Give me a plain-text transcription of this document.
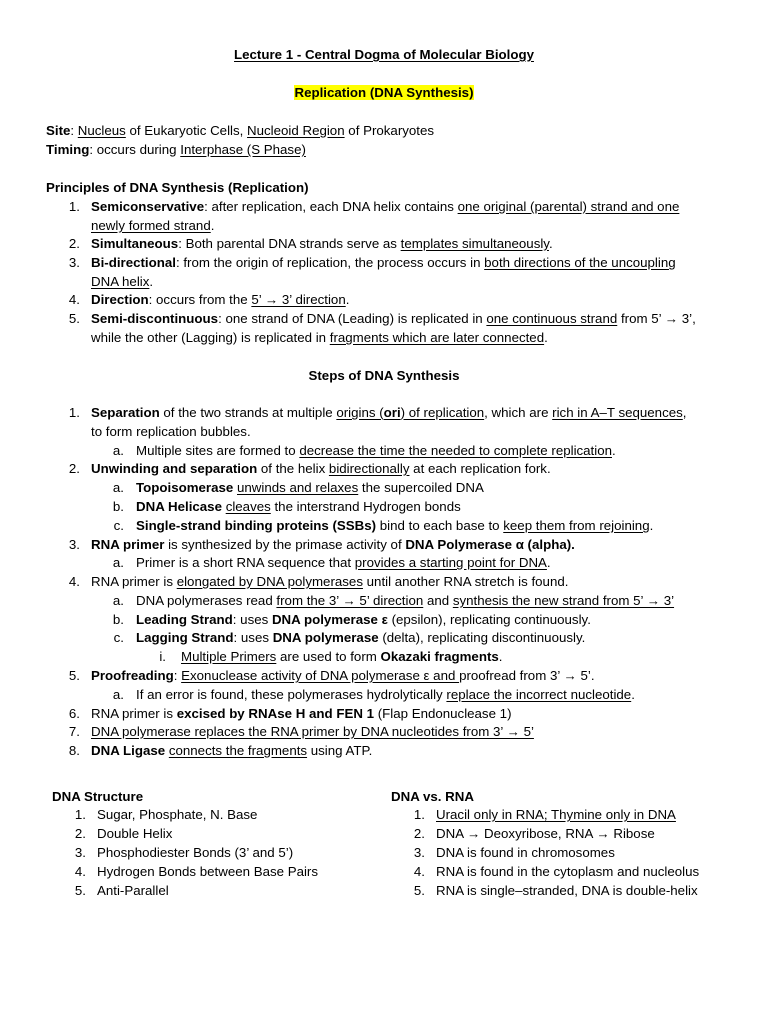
Lecture 1 - Central Dogma of Molecular Biology
Replication (DNA Synthesis)
Site: Nucleus of Eukaryotic Cells, Nucleoid Region of Prokaryotes
Timing: occurs during Interphase (S Phase)
Principles of DNA Synthesis (Replication)
1. Semiconservative: after replication, each DNA helix contains one original (parental) strand and one
newly formed strand.
2. Simultaneous: Both parental DNA strands serve as templates simultaneously.
3. Bi-directional: from the origin of replication, the process occurs in both directions of the uncoupling
DNA helix.
4. Direction: occurs from the 5’ → 3’ direction.
5. Semi-discontinuous: one strand of DNA (Leading) is replicated in one continuous strand from 5’ → 3’,
while the other (Lagging) is replicated in fragments which are later connected.
Steps of DNA Synthesis
1. Separation of the two strands at multiple origins (ori) of replication, which are rich in A–T sequences,
to form replication bubbles.
a. Multiple sites are formed to decrease the time the needed to complete replication.
2. Unwinding and separation of the helix bidirectionally at each replication fork.
a. Topoisomerase unwinds and relaxes the supercoiled DNA
b. DNA Helicase cleaves the interstrand Hydrogen bonds
c. Single-strand binding proteins (SSBs) bind to each base to keep them from rejoining.
3. RNA primer is synthesized by the primase activity of DNA Polymerase α (alpha).
a. Primer is a short RNA sequence that provides a starting point for DNA.
4. RNA primer is elongated by DNA polymerases until another RNA stretch is found.
a. DNA polymerases read from the 3’ → 5’ direction and synthesis the new strand from 5’ → 3’
b. Leading Strand: uses DNA polymerase ε (epsilon), replicating continuously.
c. Lagging Strand: uses DNA polymerase (delta), replicating discontinuously.
i. Multiple Primers are used to form Okazaki fragments.
5. Proofreading: Exonuclease activity of DNA polymerase ε and proofread from 3’ → 5’.
a. If an error is found, these polymerases hydrolytically replace the incorrect nucleotide.
6. RNA primer is excised by RNAse H and FEN 1 (Flap Endonuclease 1)
7. DNA polymerase replaces the RNA primer by DNA nucleotides from 3’ → 5’
8. DNA Ligase connects the fragments using ATP.
DNA Structure
1. Sugar, Phosphate, N. Base
2. Double Helix
3. Phosphodiester Bonds (3’ and 5’)
4. Hydrogen Bonds between Base Pairs
5. Anti-Parallel
DNA vs. RNA
1. Uracil only in RNA; Thymine only in DNA
2. DNA → Deoxyribose, RNA → Ribose
3. DNA is found in chromosomes
4. RNA is found in the cytoplasm and nucleolus
5. RNA is single–stranded, DNA is double-helix
